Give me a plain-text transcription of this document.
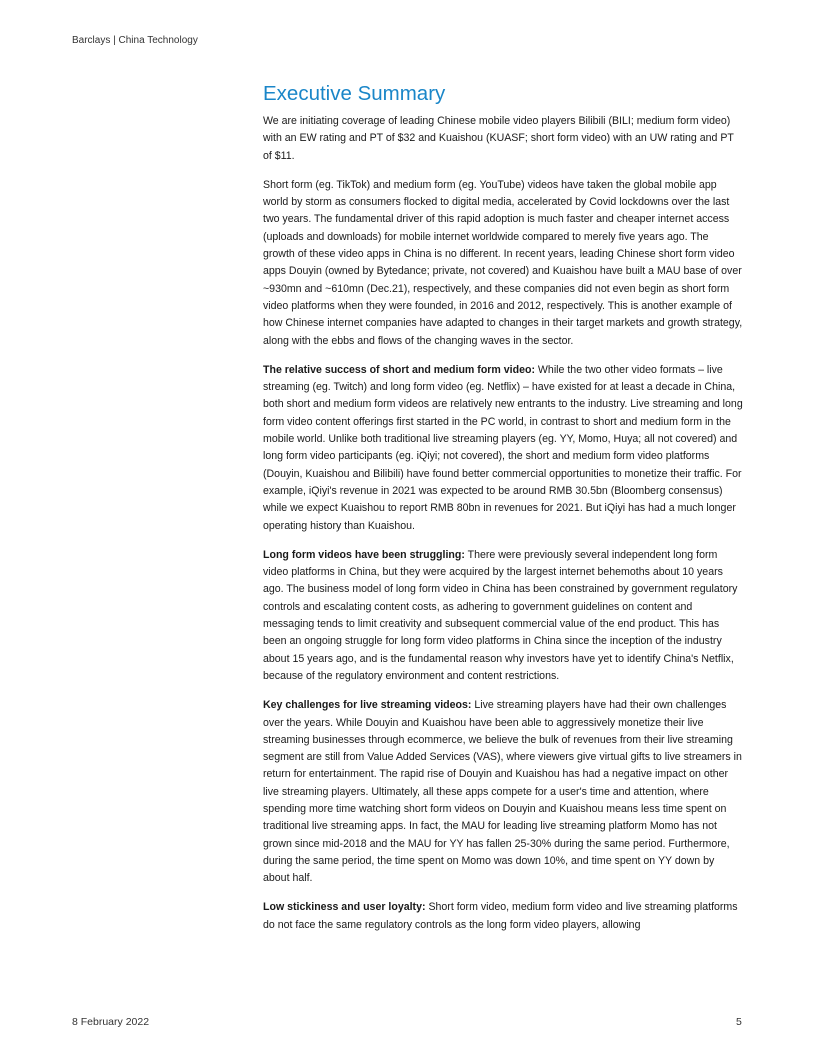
Barclays | China Technology
Executive Summary

We are initiating coverage of leading Chinese mobile video players Bilibili (BILI; medium form video) with an EW rating and PT of $32 and Kuaishou (KUASF; short form video) with an UW rating and PT of $11.

Short form (eg. TikTok) and medium form (eg. YouTube) videos have taken the global mobile app world by storm as consumers flocked to digital media, accelerated by Covid lockdowns over the last two years. The fundamental driver of this rapid adoption is much faster and cheaper internet access (uploads and downloads) for mobile internet worldwide compared to merely five years ago. The growth of these video apps in China is no different. In recent years, leading Chinese short form video apps Douyin (owned by Bytedance; private, not covered) and Kuaishou have built a MAU base of over ~930mn and ~610mn (Dec.21), respectively, and these companies did not even begin as short form video platforms when they were founded, in 2016 and 2012, respectively. This is another example of how Chinese internet companies have adapted to changes in their target markets and growth strategy, along with the ebbs and flows of the changing waves in the sector.

The relative success of short and medium form video: While the two other video formats – live streaming (eg. Twitch) and long form video (eg. Netflix) – have existed for at least a decade in China, both short and medium form videos are relatively new entrants to the industry. Live streaming and long form video content offerings first started in the PC world, in contrast to short and medium form in the mobile world. Unlike both traditional live streaming players (eg. YY, Momo, Huya; all not covered) and long form video participants (eg. iQiyi; not covered), the short and medium form video platforms (Douyin, Kuaishou and Bilibili) have found better commercial opportunities to monetize their traffic. For example, iQiyi's revenue in 2021 was expected to be around RMB 30.5bn (Bloomberg consensus) while we expect Kuaishou to report RMB 80bn in revenues for 2021. But iQiyi has had a much longer operating history than Kuaishou.

Long form videos have been struggling: There were previously several independent long form video platforms in China, but they were acquired by the largest internet behemoths about 10 years ago. The business model of long form video in China has been constrained by government regulatory controls and escalating content costs, as adhering to government guidelines on content and messaging tends to limit creativity and subsequent commercial value of the end product. This has been an ongoing struggle for long form video platforms in China since the inception of the industry about 15 years ago, and is the fundamental reason why investors have yet to identify China's Netflix, because of the regulatory environment and content restrictions.

Key challenges for live streaming videos: Live streaming players have had their own challenges over the years. While Douyin and Kuaishou have been able to aggressively monetize their live streaming businesses through ecommerce, we believe the bulk of revenues from their live streaming segment are still from Value Added Services (VAS), where viewers give virtual gifts to live streamers in return for entertainment. The rapid rise of Douyin and Kuaishou has had a negative impact on other live streaming players. Ultimately, all these apps compete for a user's time and attention, where spending more time watching short form videos on Douyin and Kuaishou means less time spent on traditional live streaming apps. In fact, the MAU for leading live streaming platform Momo has not grown since mid-2018 and the MAU for YY has fallen 25-30% during the same period. Furthermore, during the same period, the time spent on Momo was down 10%, and time spent on YY down by about half.

Low stickiness and user loyalty: Short form video, medium form video and live streaming platforms do not face the same regulatory controls as the long form video players, allowing

8 February 2022	5
